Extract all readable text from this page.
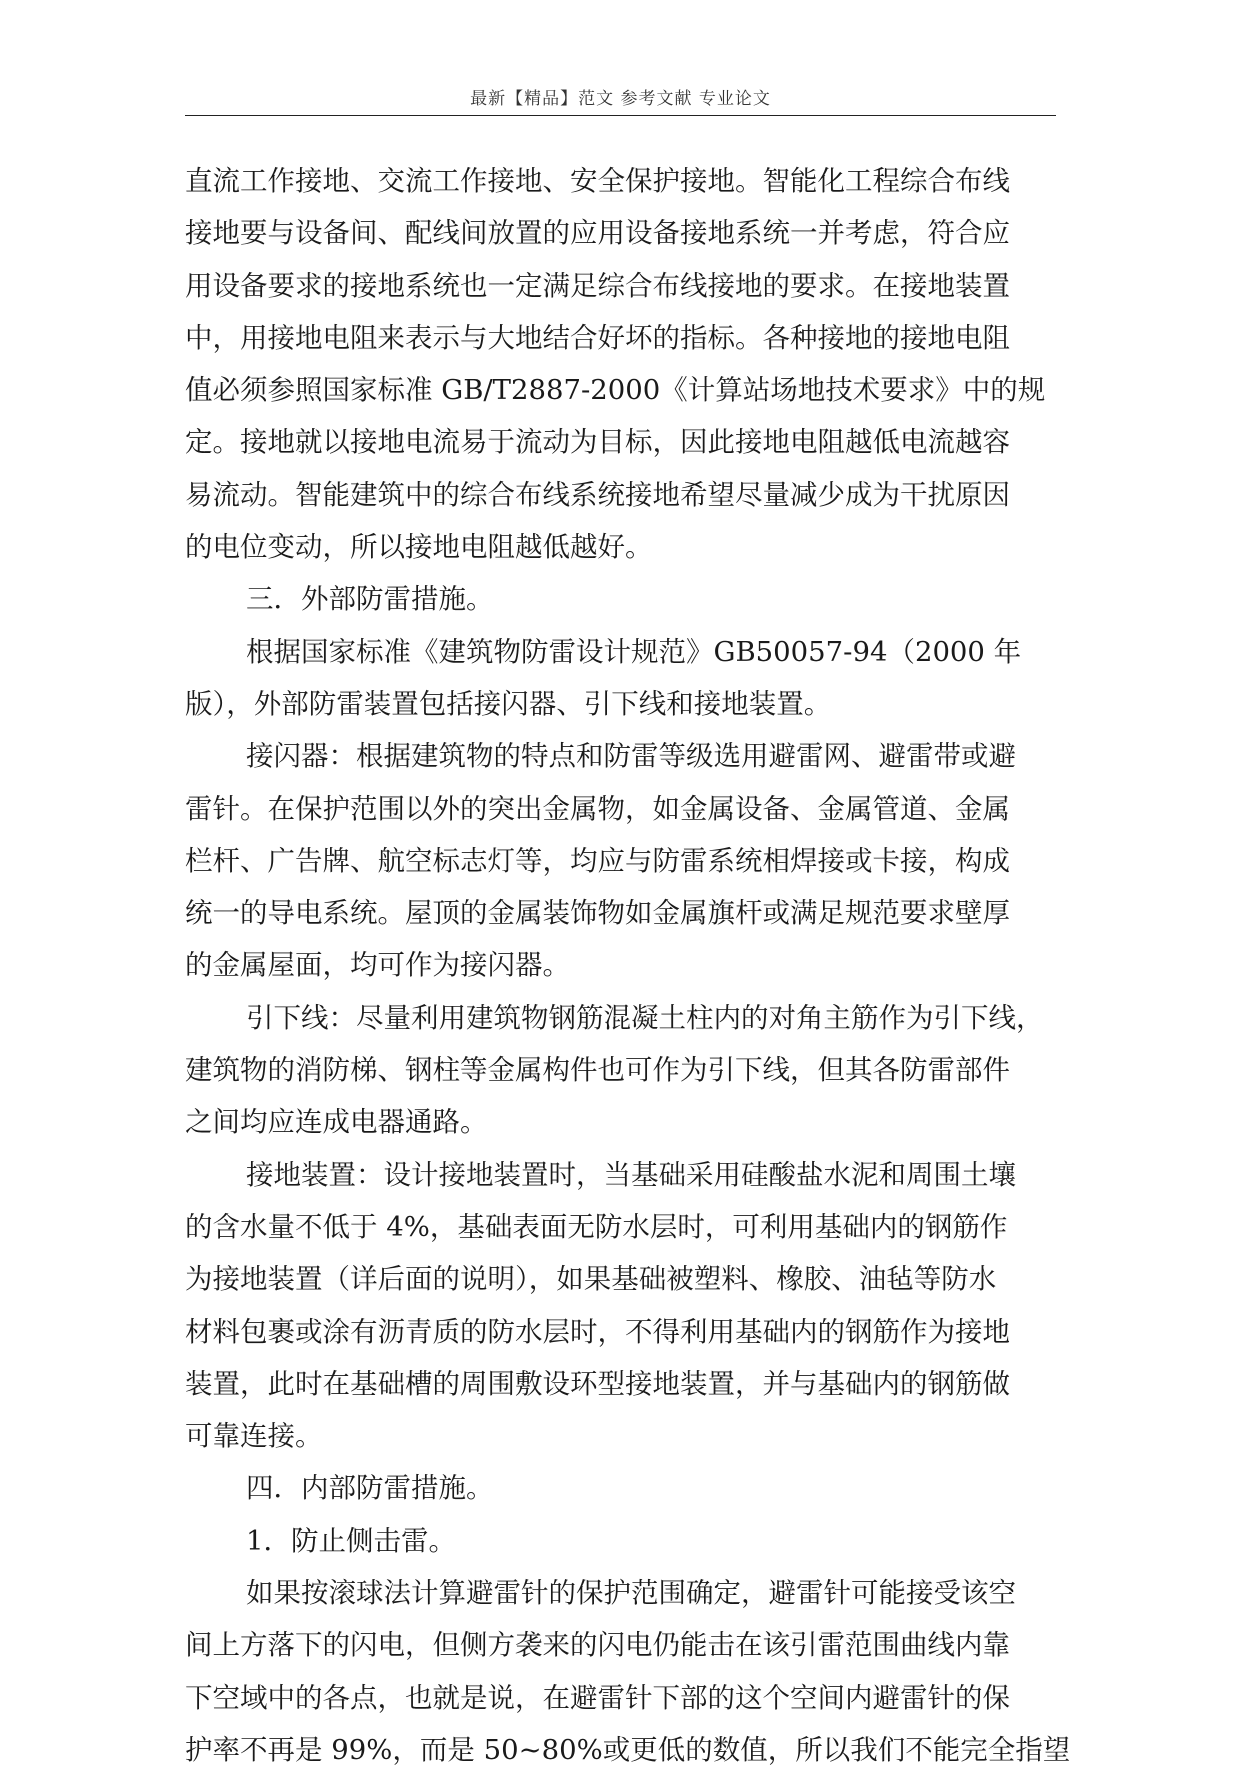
最新【精品】范文 参考文献 专业论文
直流工作接地、交流工作接地、安全保护接地。智能化工程综合布线
接地要与设备间、配线间放置的应用设备接地系统一并考虑，符合应
用设备要求的接地系统也一定满足综合布线接地的要求。在接地装置
中，用接地电阻来表示与大地结合好坏的指标。各种接地的接地电阻
值必须参照国家标准 GB/T2887-2000《计算站场地技术要求》中的规
定。接地就以接地电流易于流动为目标，因此接地电阻越低电流越容
易流动。智能建筑中的综合布线系统接地希望尽量减少成为干扰原因
的电位变动，所以接地电阻越低越好。
三．外部防雷措施。
根据国家标准《建筑物防雷设计规范》GB50057-94（2000 年
版），外部防雷装置包括接闪器、引下线和接地装置。
接闪器：根据建筑物的特点和防雷等级选用避雷网、避雷带或避
雷针。在保护范围以外的突出金属物，如金属设备、金属管道、金属
栏杆、广告牌、航空标志灯等，均应与防雷系统相焊接或卡接，构成
统一的导电系统。屋顶的金属装饰物如金属旗杆或满足规范要求壁厚
的金属屋面，均可作为接闪器。
引下线：尽量利用建筑物钢筋混凝土柱内的对角主筋作为引下线，
建筑物的消防梯、钢柱等金属构件也可作为引下线，但其各防雷部件
之间均应连成电器通路。
接地装置：设计接地装置时，当基础采用硅酸盐水泥和周围土壤
的含水量不低于 4%，基础表面无防水层时，可利用基础内的钢筋作
为接地装置（详后面的说明），如果基础被塑料、橡胶、油毡等防水
材料包裹或涂有沥青质的防水层时，不得利用基础内的钢筋作为接地
装置，此时在基础槽的周围敷设环型接地装置，并与基础内的钢筋做
可靠连接。
四．内部防雷措施。
1．防止侧击雷。
如果按滚球法计算避雷针的保护范围确定，避雷针可能接受该空
间上方落下的闪电，但侧方袭来的闪电仍能击在该引雷范围曲线内靠
下空域中的各点，也就是说，在避雷针下部的这个空间内避雷针的保
护率不再是 99%，而是 50~80%或更低的数值，所以我们不能完全指望
